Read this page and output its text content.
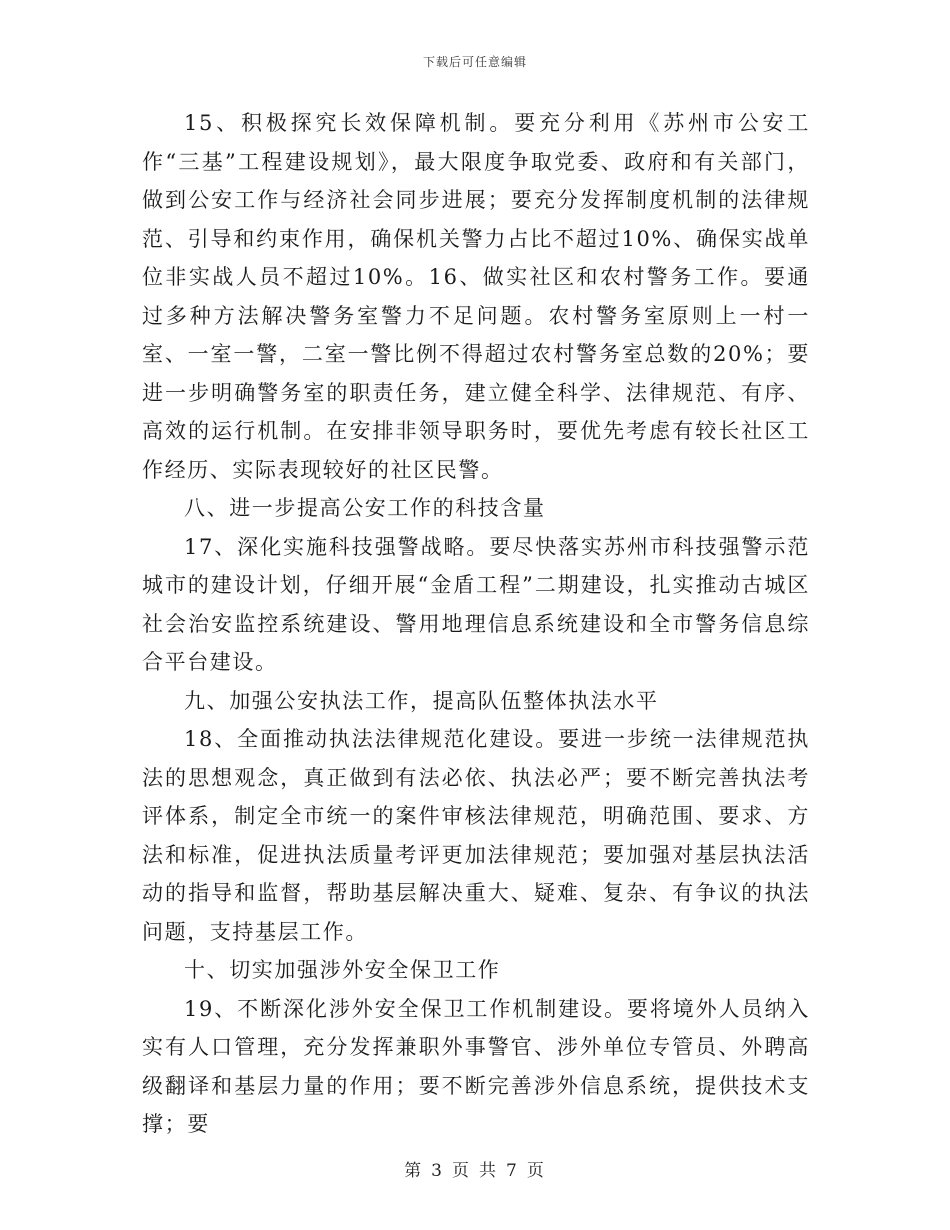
下载后可任意编辑

15、积极探究长效保障机制。要充分利用《苏州市公安工作“三基”工程建设规划》，最大限度争取党委、政府和有关部门，做到公安工作与经济社会同步进展；要充分发挥制度机制的法律规范、引导和约束作用，确保机关警力占比不超过10%、确保实战单位非实战人员不超过10%。16、做实社区和农村警务工作。要通过多种方法解决警务室警力不足问题。农村警务室原则上一村一室、一室一警，二室一警比例不得超过农村警务室总数的20%；要进一步明确警务室的职责任务，建立健全科学、法律规范、有序、高效的运行机制。在安排非领导职务时，要优先考虑有较长社区工作经历、实际表现较好的社区民警。

八、进一步提高公安工作的科技含量

17、深化实施科技强警战略。要尽快落实苏州市科技强警示范城市的建设计划，仔细开展“金盾工程”二期建设，扎实推动古城区社会治安监控系统建设、警用地理信息系统建设和全市警务信息综合平台建设。

九、加强公安执法工作，提高队伍整体执法水平

18、全面推动执法法律规范化建设。要进一步统一法律规范执法的思想观念，真正做到有法必依、执法必严；要不断完善执法考评体系，制定全市统一的案件审核法律规范，明确范围、要求、方法和标准，促进执法质量考评更加法律规范；要加强对基层执法活动的指导和监督，帮助基层解决重大、疑难、复杂、有争议的执法问题，支持基层工作。

十、切实加强涉外安全保卫工作

19、不断深化涉外安全保卫工作机制建设。要将境外人员纳入实有人口管理，充分发挥兼职外事警官、涉外单位专管员、外聘高级翻译和基层力量的作用；要不断完善涉外信息系统，提供技术支撑；要

第 3 页 共 7 页
